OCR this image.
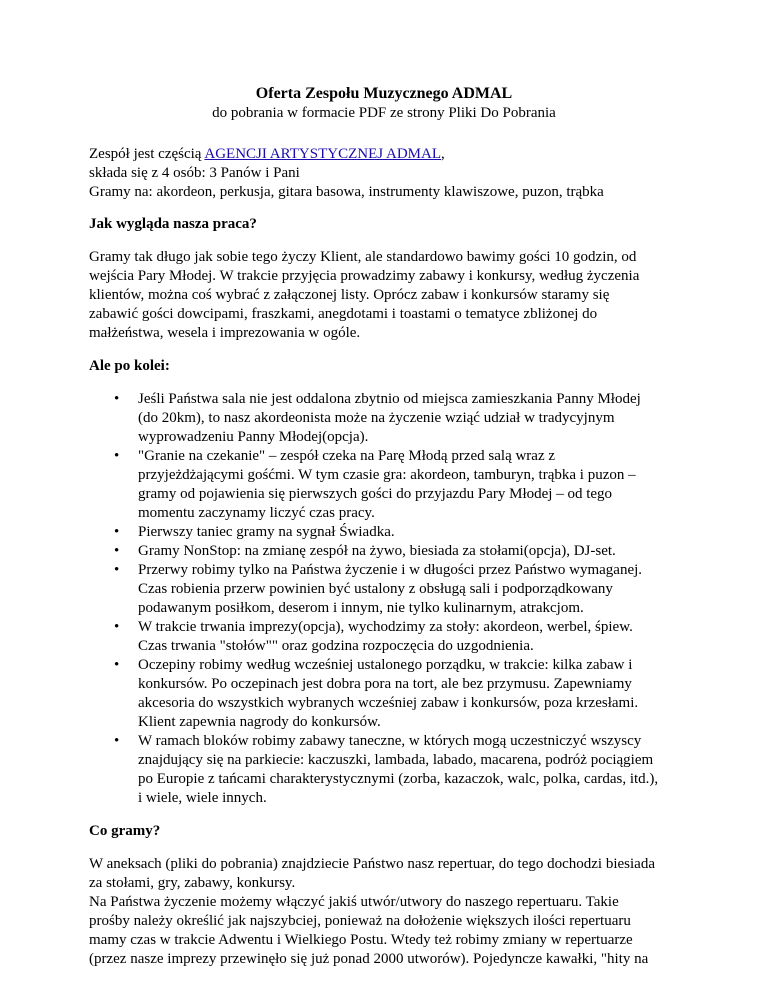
Oferta Zespołu Muzycznego ADMAL
do pobrania w formacie PDF ze strony Pliki Do Pobrania
Zespół jest częścią AGENCJI ARTYSTYCZNEJ ADMAL,
składa się z 4 osób: 3 Panów i Pani
Gramy na: akordeon, perkusja, gitara basowa, instrumenty klawiszowe, puzon, trąbka
Jak wygląda nasza praca?
Gramy tak długo jak sobie tego życzy Klient, ale standardowo bawimy gości 10 godzin, od
wejścia Pary Młodej. W trakcie przyjęcia prowadzimy zabawy i konkursy, według życzenia
klientów, można coś wybrać z załączonej listy. Oprócz zabaw i konkursów staramy się
zabawić gości dowcipami, fraszkami, anegdotami i toastami o tematyce zbliżonej do
małżeństwa, wesela i imprezowania w ogóle.
Ale po kolei:
• Jeśli Państwa sala nie jest oddalona zbytnio od miejsca zamieszkania Panny Młodej
(do 20km), to nasz akordeonista może na życzenie wziąć udział w tradycyjnym
wyprowadzeniu Panny Młodej(opcja).
• "Granie na czekanie" – zespół czeka na Parę Młodą przed salą wraz z
przyjeżdżającymi gośćmi. W tym czasie gra: akordeon, tamburyn, trąbka i puzon –
gramy od pojawienia się pierwszych gości do przyjazdu Pary Młodej – od tego
momentu zaczynamy liczyć czas pracy.
• Pierwszy taniec gramy na sygnał Świadka.
• Gramy NonStop: na zmianę zespół na żywo, biesiada za stołami(opcja), DJ-set.
• Przerwy robimy tylko na Państwa życzenie i w długości przez Państwo wymaganej.
Czas robienia przerw powinien być ustalony z obsługą sali i podporządkowany
podawanym posiłkom, deserom i innym, nie tylko kulinarnym, atrakcjom.
• W trakcie trwania imprezy(opcja), wychodzimy za stoły: akordeon, werbel, śpiew.
Czas trwania "stołów"" oraz godzina rozpoczęcia do uzgodnienia.
• Oczepiny robimy według wcześniej ustalonego porządku, w trakcie: kilka zabaw i
konkursów. Po oczepinach jest dobra pora na tort, ale bez przymusu. Zapewniamy
akcesoria do wszystkich wybranych wcześniej zabaw i konkursów, poza krzesłami.
Klient zapewnia nagrody do konkursów.
• W ramach bloków robimy zabawy taneczne, w których mogą uczestniczyć wszyscy
znajdujący się na parkiecie: kaczuszki, lambada, labado, macarena, podróż pociągiem
po Europie z tańcami charakterystycznymi (zorba, kazaczok, walc, polka, cardas, itd.),
i wiele, wiele innych.
Co gramy?
W aneksach (pliki do pobrania) znajdziecie Państwo nasz repertuar, do tego dochodzi biesiada
za stołami, gry, zabawy, konkursy.
Na Państwa życzenie możemy włączyć jakiś utwór/utwory do naszego repertuaru. Takie
prośby należy określić jak najszybciej, ponieważ na dołożenie większych ilości repertuaru
mamy czas w trakcie Adwentu i Wielkiego Postu. Wtedy też robimy zmiany w repertuarze
(przez nasze imprezy przewinęło się już ponad 2000 utworów). Pojedyncze kawałki, "hity na
